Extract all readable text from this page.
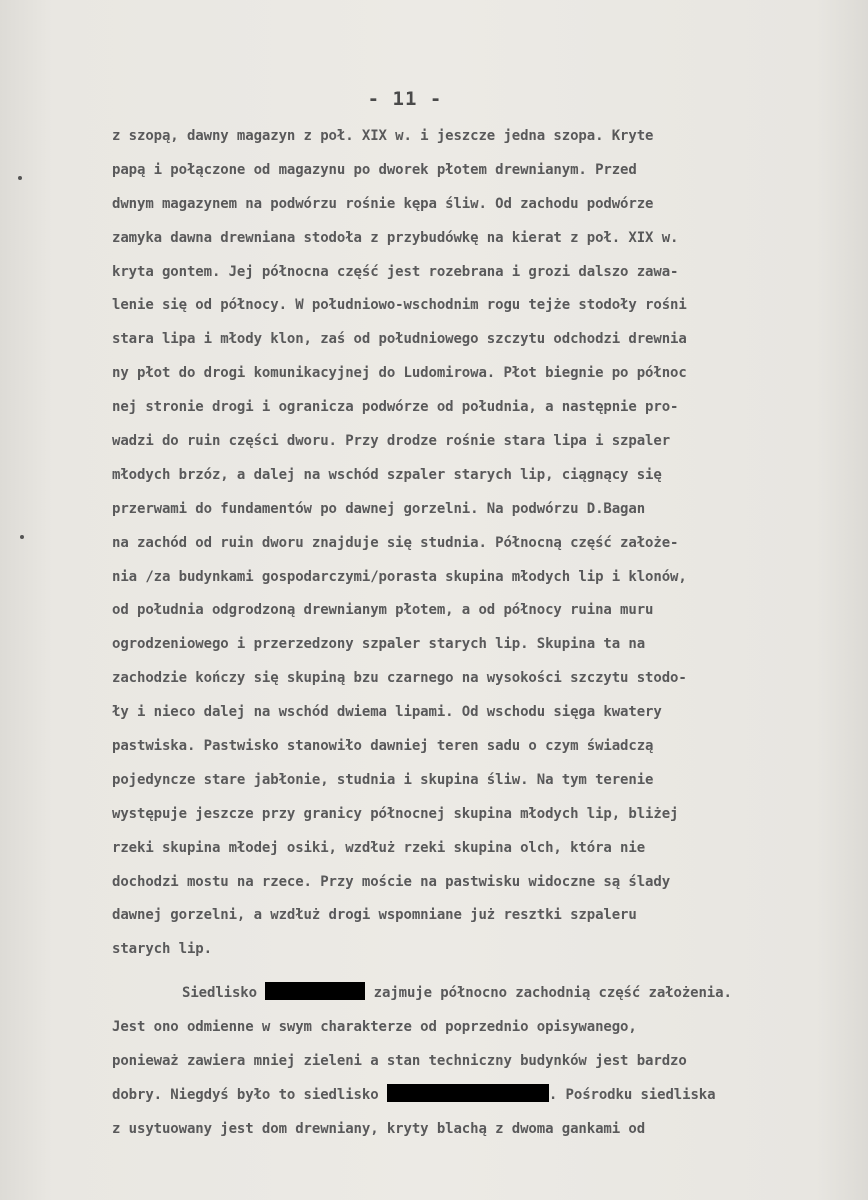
- 11 -
z szopą, dawny magazyn z poł. XIX w. i jeszcze jedna szopa. Kryte
papą i połączone od magazynu po dworek płotem drewnianym. Przed
dwnym magazynem na podwórzu rośnie kępa śliw. Od zachodu podwórze
zamyka dawna drewniana stodoła z przybudówkę na kierat z poł. XIX w.
kryta gontem. Jej północna część jest rozebrana i grozi dalszo zawa-
lenie się od północy. W południowo-wschodnim rogu tejże stodoły rośni
stara lipa i młody klon, zaś od południowego szczytu odchodzi drewnia
ny płot do drogi komunikacyjnej do Ludomirowa. Płot biegnie po północ
nej stronie drogi i ogranicza podwórze od południa, a następnie pro-
wadzi do ruin części dworu. Przy drodze rośnie stara lipa i szpaler
młodych brzóz, a dalej na wschód szpaler starych lip, ciągnący się
przerwami do fundamentów po dawnej gorzelni. Na podwórzu D.Bagan
na zachód od ruin dworu znajduje się studnia. Północną część założe-
nia /za budynkami gospodarczymi/porasta skupina młodych lip i klonów,
od południa odgrodzoną drewnianym płotem, a od północy ruina muru
ogrodzeniowego i przerzedzony szpaler starych lip. Skupina ta na
zachodzie kończy się skupiną bzu czarnego na wysokości szczytu stodo-
ły i nieco dalej na wschód dwiema lipami. Od wschodu sięga kwatery
pastwiska. Pastwisko stanowiło dawniej teren sadu o czym świadczą
pojedyncze stare jabłonie, studnia i skupina śliw. Na tym terenie
występuje jeszcze przy granicy północnej skupina młodych lip, bliżej
rzeki skupina młodej osiki, wzdłuż rzeki skupina olch, która nie
dochodzi mostu na rzece. Przy moście na pastwisku widoczne są ślady
dawnej gorzelni, a wzdłuż drogi wspomniane już resztki szpaleru
starych lip.
Siedlisko	zajmuje północno zachodnią część założenia.
Jest ono odmienne w swym charakterze od poprzednio opisywanego,
ponieważ zawiera mniej zieleni a stan techniczny budynków jest bardzo
dobry. Niegdyś było to siedlisko	. Pośrodku siedliska
z usytuowany jest dom drewniany, kryty blachą z dwoma gankami od
